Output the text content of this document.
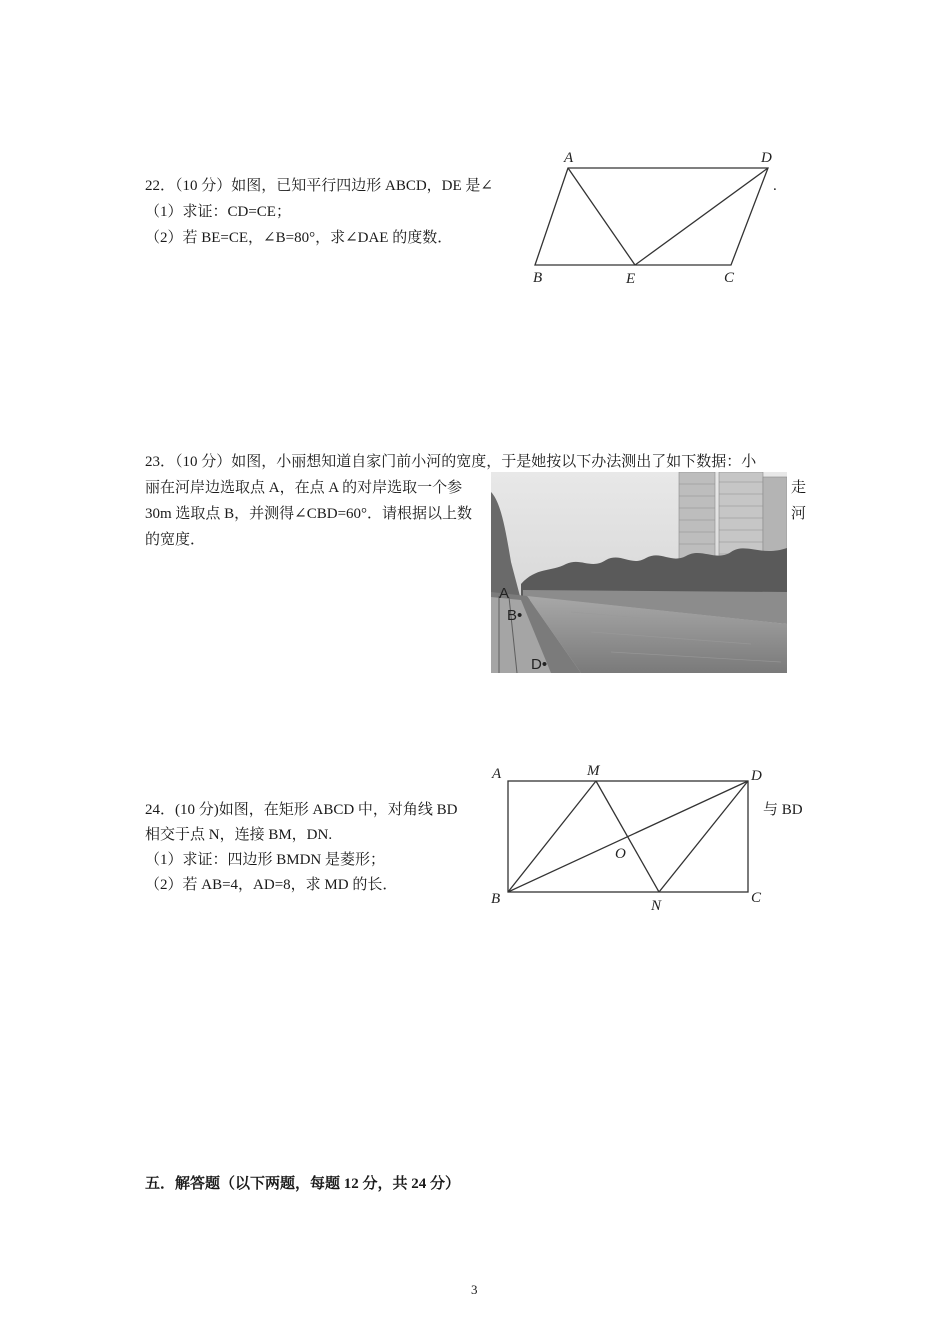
22．（10 分）如图，已知平行四边形 ABCD，DE 是∠	.
（1）求证：CD=CE；
（2）若 BE=CE，∠B=80°，求∠DAE 的度数．
A	D
B	E	C
23．（10 分）如图，小丽想知道自家门前小河的宽度，于是她按以下办法测出了如下数据：小
丽在河岸边选取点 A，在点 A 的对岸选取一个参	走
30m 选取点 B，并测得∠CBD=60°．请根据以上数	河
的宽度．
A
B•
D•
24．(10 分)如图，在矩形 ABCD 中，对角线 BD	与 BD
相交于点 N，连接 BM，DN.
（1）求证：四边形 BMDN 是菱形；
（2）若 AB=4，AD=8，求 MD 的长．
A	M	D
O
B	N	C
五．解答题（以下两题，每题 12 分，共 24 分）
3
